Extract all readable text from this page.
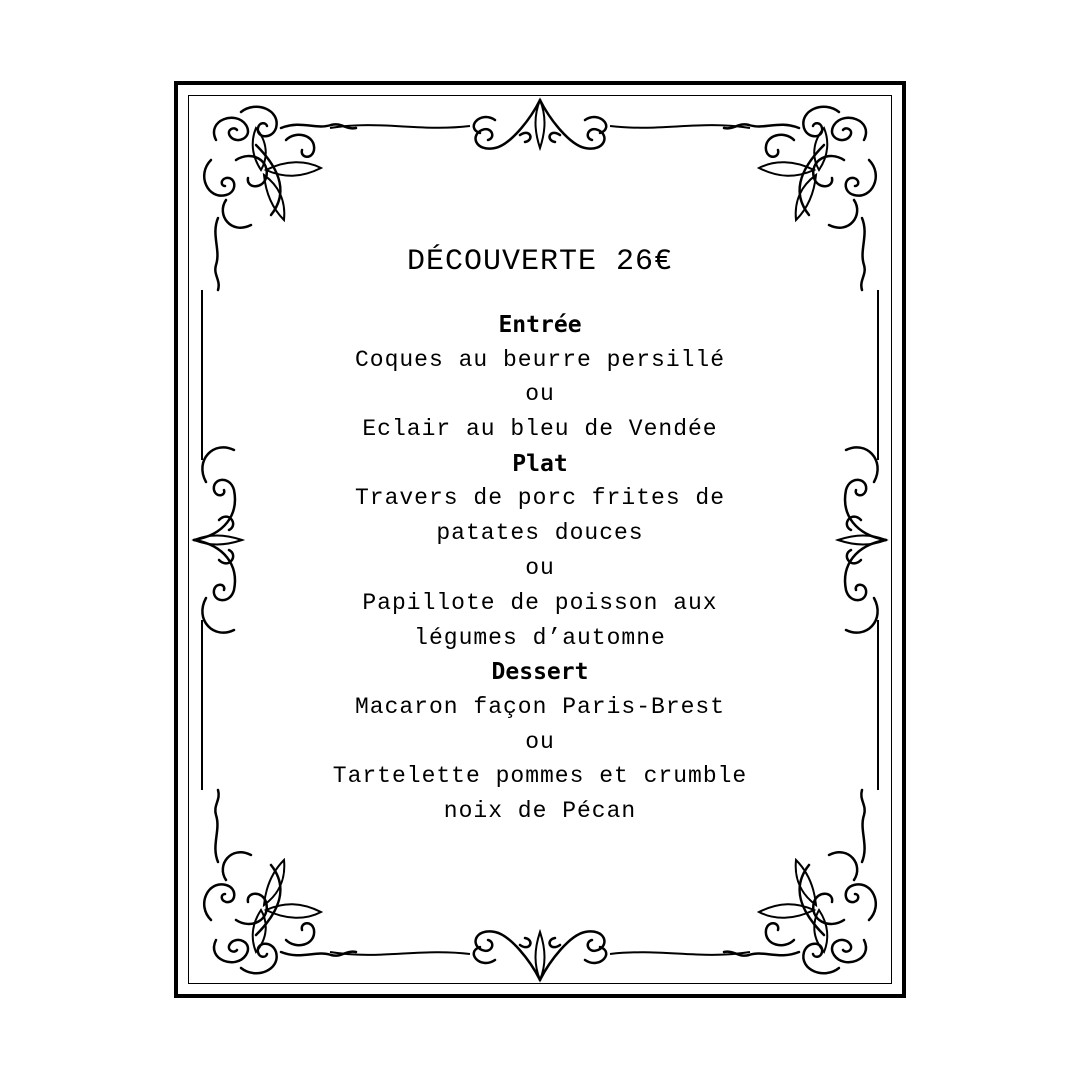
DÉCOUVERTE 26€
Entrée
Coques au beurre persillé
ou
Eclair au bleu de Vendée
Plat
Travers de porc frites de
patates douces
ou
Papillote de poisson aux
légumes d’automne
Dessert
Macaron façon Paris-Brest
ou
Tartelette pommes et crumble
noix de Pécan
